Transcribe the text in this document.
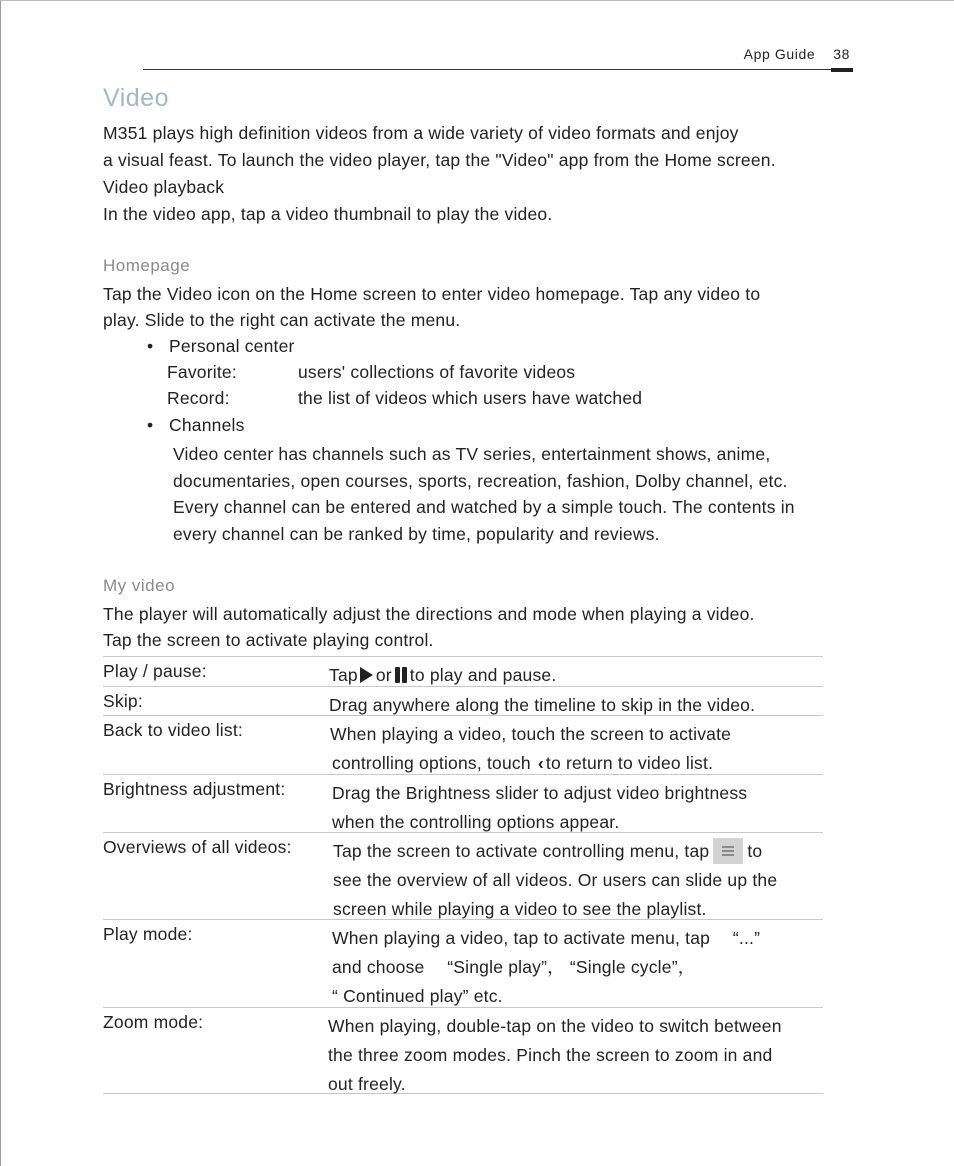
App Guide 38
Video
M351 plays high definition videos from a wide variety of video formats and enjoy
a visual feast. To launch the video player, tap the "Video" app from the Home screen.
Video playback
In the video app, tap a video thumbnail to play the video.
Homepage
Tap the Video icon on the Home screen to enter video homepage. Tap any video to
play. Slide to the right can activate the menu.
• Personal center
Favorite:	users' collections of favorite videos
Record:	the list of videos which users have watched
• Channels
Video center has channels such as TV series, entertainment shows, anime,
documentaries, open courses, sports, recreation, fashion, Dolby channel, etc.
Every channel can be entered and watched by a simple touch. The contents in
every channel can be ranked by time, popularity and reviews.
My video
The player will automatically adjust the directions and mode when playing a video.
Tap the screen to activate playing control.
Play / pause:	Tap or to play and pause.
Skip:	Drag anywhere along the timeline to skip in the video.
Back to video list:	When playing a video, touch the screen to activate
controlling options, touch ‹ to return to video list.
Brightness adjustment:	Drag the Brightness slider to adjust video brightness
when the controlling options appear.
Overviews of all videos: Tap the screen to activate controlling menu, tap to
see the overview of all videos. Or users can slide up the
screen while playing a video to see the playlist.
Play mode:	When playing a video, tap to activate menu, tap 　“...”
and choose 　“Single play”， “Single cycle”，
“ Continued play” etc.
Zoom mode:	When playing, double-tap on the video to switch between
the three zoom modes. Pinch the screen to zoom in and
out freely.
